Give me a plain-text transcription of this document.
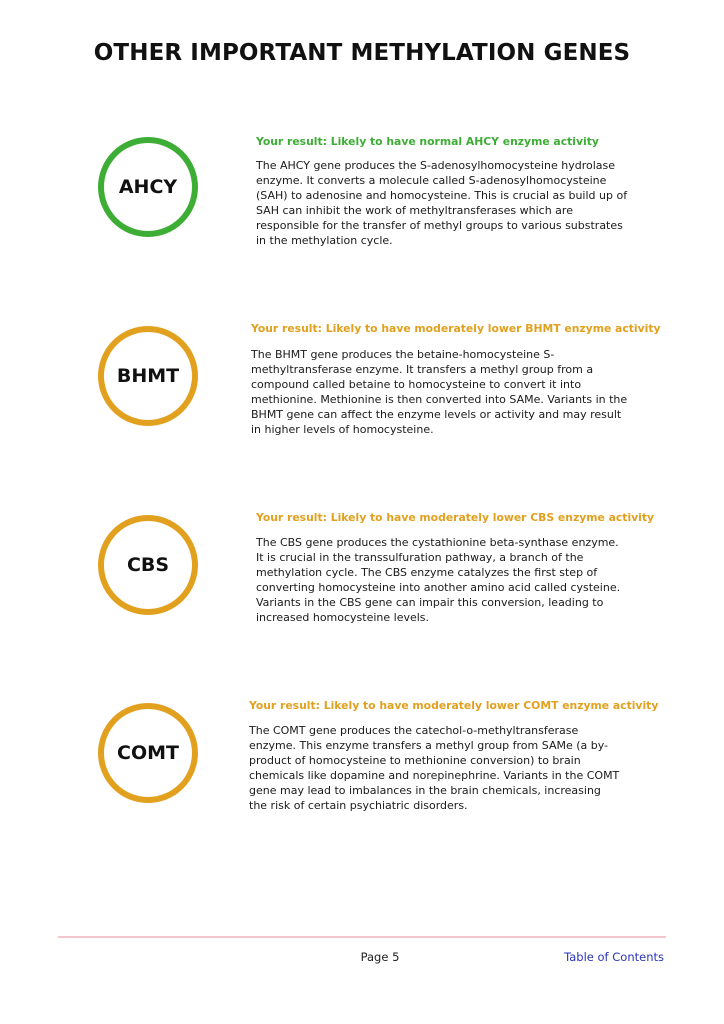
OTHER IMPORTANT METHYLATION GENES
AHCY
Your result: Likely to have normal AHCY enzyme activity

The AHCY gene produces the S-adenosylhomocysteine hydrolase enzyme. It converts a molecule called S-adenosylhomocysteine (SAH) to adenosine and homocysteine. This is crucial as build up of SAH can inhibit the work of methyltransferases which are responsible for the transfer of methyl groups to various substrates in the methylation cycle.

BHMT
Your result: Likely to have moderately lower BHMT enzyme activity

The BHMT gene produces the betaine-homocysteine S-methyltransferase enzyme. It transfers a methyl group from a compound called betaine to homocysteine to convert it into methionine. Methionine is then converted into SAMe. Variants in the BHMT gene can affect the enzyme levels or activity and may result in higher levels of homocysteine.

CBS
Your result: Likely to have moderately lower CBS enzyme activity

The CBS gene produces the cystathionine beta-synthase enzyme. It is crucial in the transsulfuration pathway, a branch of the methylation cycle. The CBS enzyme catalyzes the first step of converting homocysteine into another amino acid called cysteine. Variants in the CBS gene can impair this conversion, leading to increased homocysteine levels.

COMT
Your result: Likely to have moderately lower COMT enzyme activity

The COMT gene produces the catechol-o-methyltransferase enzyme. This enzyme transfers a methyl group from SAMe (a by-product of homocysteine to methionine conversion) to brain chemicals like dopamine and norepinephrine. Variants in the COMT gene may lead to imbalances in the brain chemicals, increasing the risk of certain psychiatric disorders.

Page 5	Table of Contents
